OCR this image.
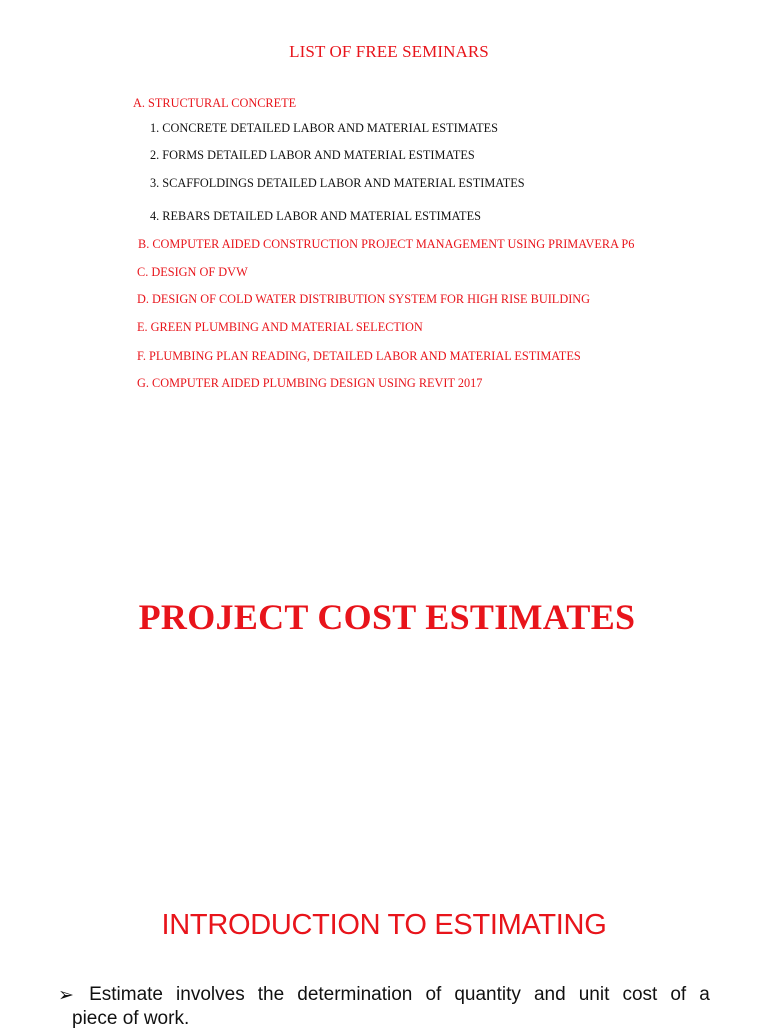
LIST OF FREE SEMINARS
A. STRUCTURAL CONCRETE
1. CONCRETE DETAILED LABOR AND MATERIAL ESTIMATES
2. FORMS DETAILED LABOR AND MATERIAL ESTIMATES
3. SCAFFOLDINGS DETAILED LABOR AND MATERIAL ESTIMATES
4. REBARS DETAILED LABOR AND MATERIAL ESTIMATES
B. COMPUTER AIDED CONSTRUCTION PROJECT MANAGEMENT USING PRIMAVERA P6
C. DESIGN OF DVW
D. DESIGN OF COLD WATER DISTRIBUTION SYSTEM FOR HIGH RISE BUILDING
E. GREEN PLUMBING AND MATERIAL SELECTION
F. PLUMBING PLAN READING, DETAILED LABOR AND MATERIAL ESTIMATES
G. COMPUTER AIDED PLUMBING DESIGN USING REVIT 2017
PROJECT COST ESTIMATES
INTRODUCTION TO ESTIMATING
➢ Estimate involves the determination of quantity and unit cost of a
piece of work.
